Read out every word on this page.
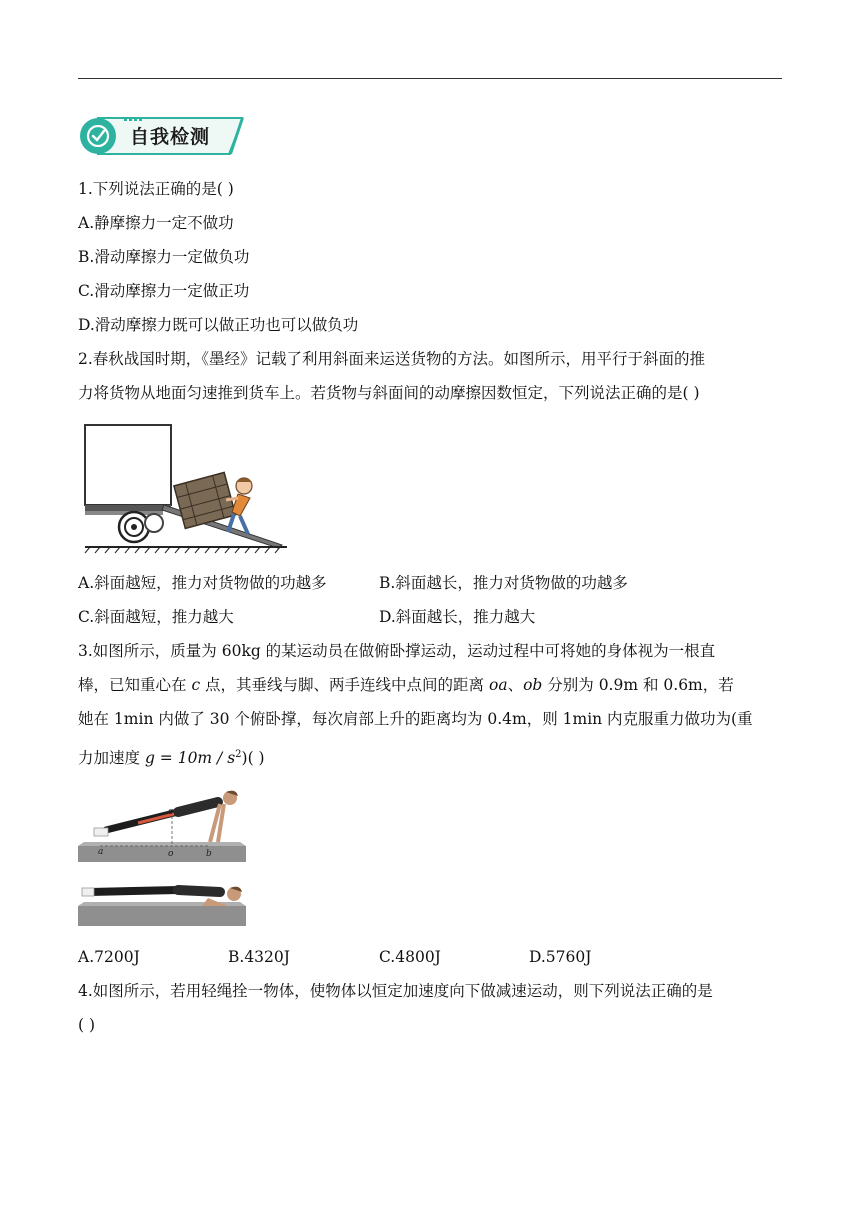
自我检测
1.下列说法正确的是( )
A.静摩擦力一定不做功
B.滑动摩擦力一定做负功
C.滑动摩擦力一定做正功
D.滑动摩擦力既可以做正功也可以做负功
2.春秋战国时期，《墨经》记载了利用斜面来运送货物的方法。如图所示，用平行于斜面的推
力将货物从地面匀速推到货车上。若货物与斜面间的动摩擦因数恒定，下列说法正确的是( )
A.斜面越短，推力对货物做的功越多	B.斜面越长，推力对货物做的功越多
C.斜面越短，推力越大	D.斜面越长，推力越大
3.如图所示，质量为 60kg 的某运动员在做俯卧撑运动，运动过程中可将她的身体视为一根直
棒，已知重心在 c 点，其垂线与脚、两手连线中点间的距离 oa、ob 分别为 0.9m 和 0.6m，若
她在 1min 内做了 30 个俯卧撑，每次肩部上升的距离均为 0.4m，则 1min 内克服重力做功为(重
力加速度 $g = 10m / s^2$)( )
c
a	o	b
A.7200J	B.4320J	C.4800J	D.5760J
4.如图所示，若用轻绳拴一物体，使物体以恒定加速度向下做减速运动，则下列说法正确的是
( )
